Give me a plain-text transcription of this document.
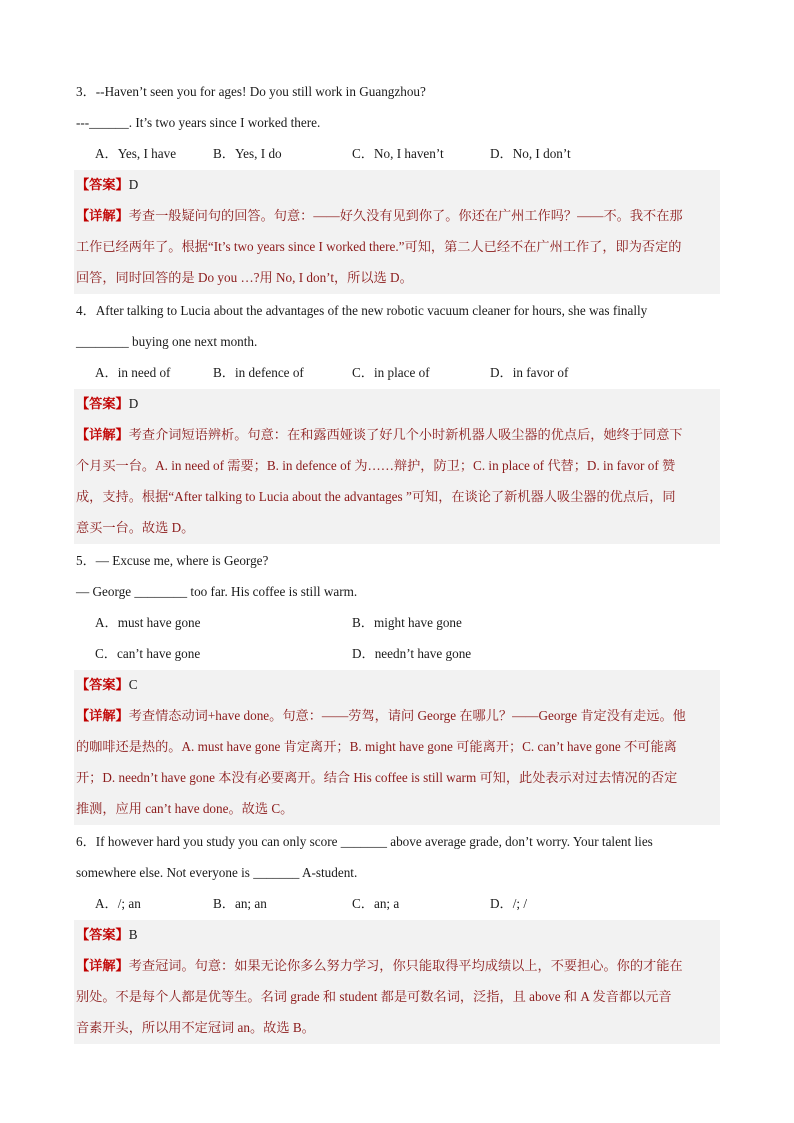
3．--Haven’t seen you for ages! Do you still work in Guangzhou?
---______. It’s two years since I worked there.
A．Yes, I have	B．Yes, I do	C．No, I haven’t	D．No, I don’t
【答案】D
【详解】考查一般疑问句的回答。句意：——好久没有见到你了。你还在广州工作吗？——不。我不在那
工作已经两年了。根据“It’s two years since I worked there.”可知，第二人已经不在广州工作了，即为否定的
回答，同时回答的是 Do you …?用 No, I don’t，所以选 D。
4．After talking to Lucia about the advantages of the new robotic vacuum cleaner for hours, she was finally
________ buying one next month.
A．in need of	B．in defence of	C．in place of	D．in favor of
【答案】D
【详解】考查介词短语辨析。句意：在和露西娅谈了好几个小时新机器人吸尘器的优点后，她终于同意下
个月买一台。A. in need of 需要；B. in defence of 为……辩护，防卫；C. in place of 代替；D. in favor of 赞
成，支持。根据“After talking to Lucia about the advantages ”可知，在谈论了新机器人吸尘器的优点后，同
意买一台。故选 D。
5．— Excuse me, where is George?
— George ________ too far. His coffee is still warm.
A．must have gone	B．might have gone
C．can’t have gone	D．needn’t have gone
【答案】C
【详解】考查情态动词+have done。句意：——劳驾，请问 George 在哪儿？——George 肯定没有走远。他
的咖啡还是热的。A. must have gone 肯定离开；B. might have gone 可能离开；C. can’t have gone 不可能离
开；D. needn’t have gone 本没有必要离开。结合 His coffee is still warm 可知，此处表示对过去情况的否定
推测，应用 can’t have done。故选 C。
6．If however hard you study you can only score _______ above average grade, don’t worry. Your talent lies
somewhere else. Not everyone is _______ A-student.
A．/; an	B．an; an	C．an; a	D．/; /
【答案】B
【详解】考查冠词。句意：如果无论你多么努力学习，你只能取得平均成绩以上，不要担心。你的才能在
别处。不是每个人都是优等生。名词 grade 和 student 都是可数名词，泛指，且 above 和 A 发音都以元音
音素开头，所以用不定冠词 an。故选 B。
